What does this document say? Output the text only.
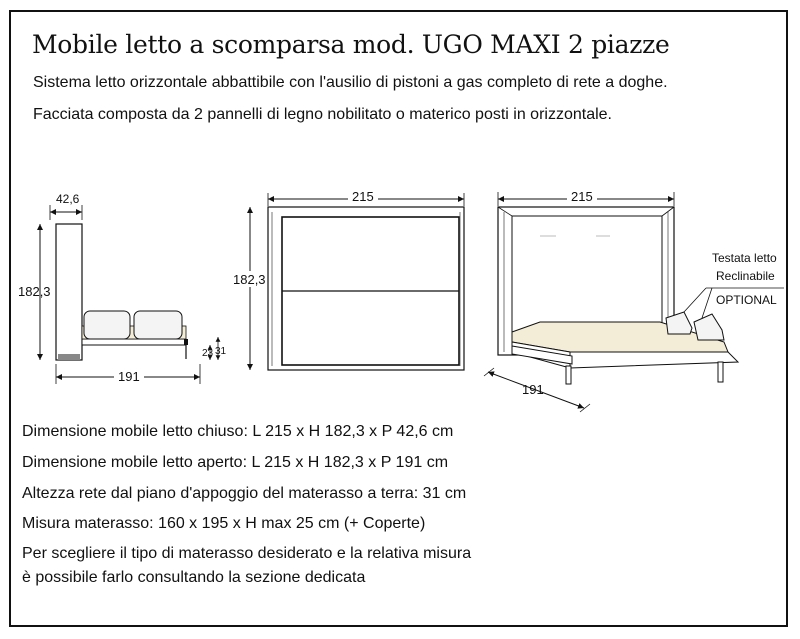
Mobile letto a scomparsa mod. UGO MAXI 2 piazze
Sistema letto orizzontale abbattibile con l'ausilio di pistoni a gas completo di rete a doghe.
Facciata composta da 2 pannelli di legno nobilitato o materico posti in orizzontale.
42,6
182,3
23 31
191
215
182,3
215
191
Testata letto
Reclinabile
OPTIONAL
Dimensione mobile letto chiuso: L 215 x H 182,3 x P 42,6 cm
Dimensione mobile letto aperto: L 215 x H 182,3 x P 191 cm
Altezza rete dal piano d'appoggio del materasso a terra: 31 cm
Misura materasso: 160 x 195 x H max 25 cm (+ Coperte)
Per scegliere il tipo di materasso desiderato e la relativa misura
è possibile farlo consultando la sezione dedicata
